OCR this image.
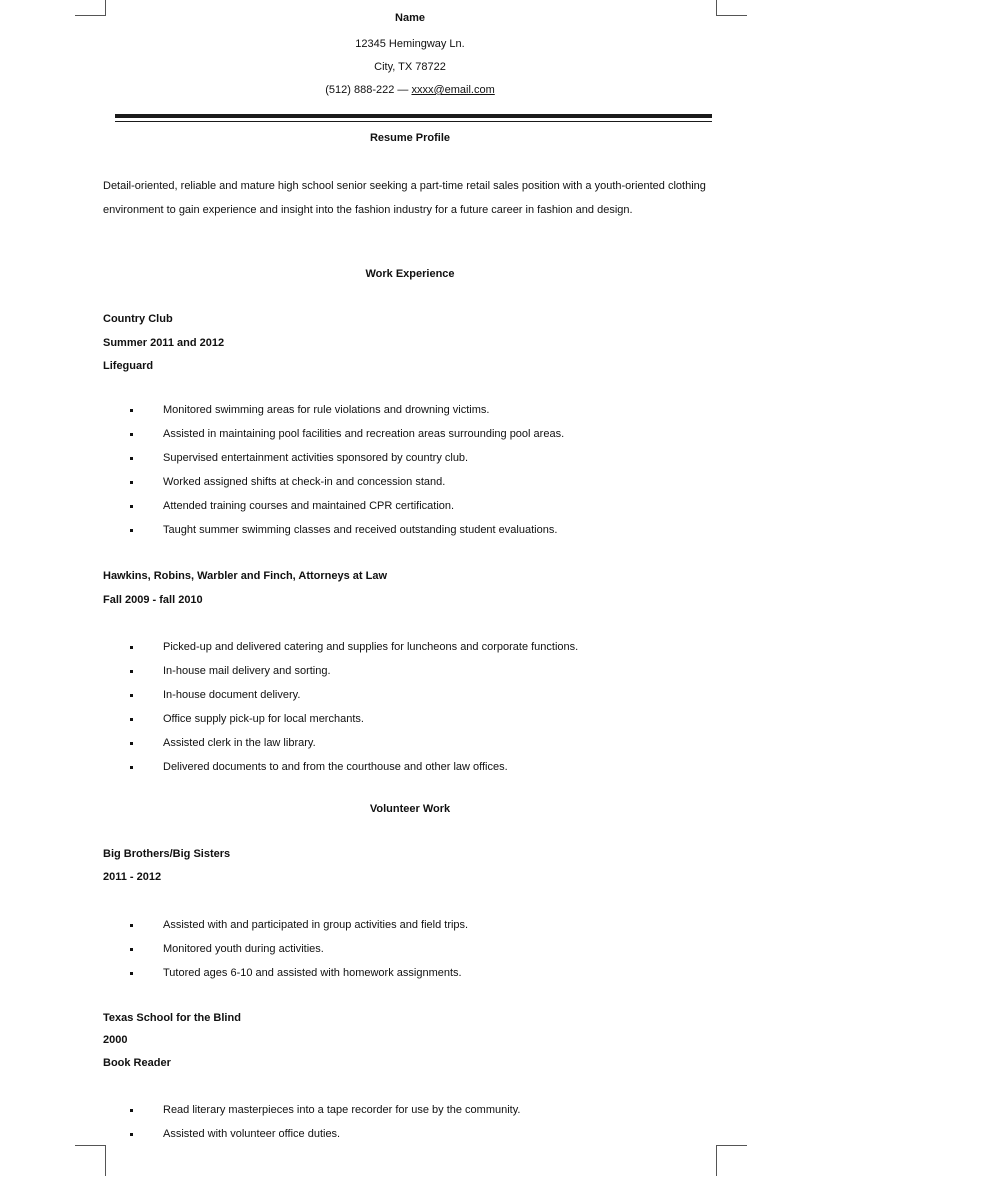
Name
12345 Hemingway Ln.
City, TX 78722
(512) 888-222 — xxxx@email.com
Resume Profile
Detail-oriented, reliable and mature high school senior seeking a part-time retail sales position with a youth-oriented clothing environment to gain experience and insight into the fashion industry for a future career in fashion and design.
Work Experience
Country Club
Summer 2011 and 2012
Lifeguard
Monitored swimming areas for rule violations and drowning victims.
Assisted in maintaining pool facilities and recreation areas surrounding pool areas.
Supervised entertainment activities sponsored by country club.
Worked assigned shifts at check-in and concession stand.
Attended training courses and maintained CPR certification.
Taught summer swimming classes and received outstanding student evaluations.
Hawkins, Robins, Warbler and Finch, Attorneys at Law
Fall 2009 - fall 2010
Picked-up and delivered catering and supplies for luncheons and corporate functions.
In-house mail delivery and sorting.
In-house document delivery.
Office supply pick-up for local merchants.
Assisted clerk in the law library.
Delivered documents to and from the courthouse and other law offices.
Volunteer Work
Big Brothers/Big Sisters
2011 - 2012
Assisted with and participated in group activities and field trips.
Monitored youth during activities.
Tutored ages 6-10 and assisted with homework assignments.
Texas School for the Blind
2000
Book Reader
Read literary masterpieces into a tape recorder for use by the community.
Assisted with volunteer office duties.
